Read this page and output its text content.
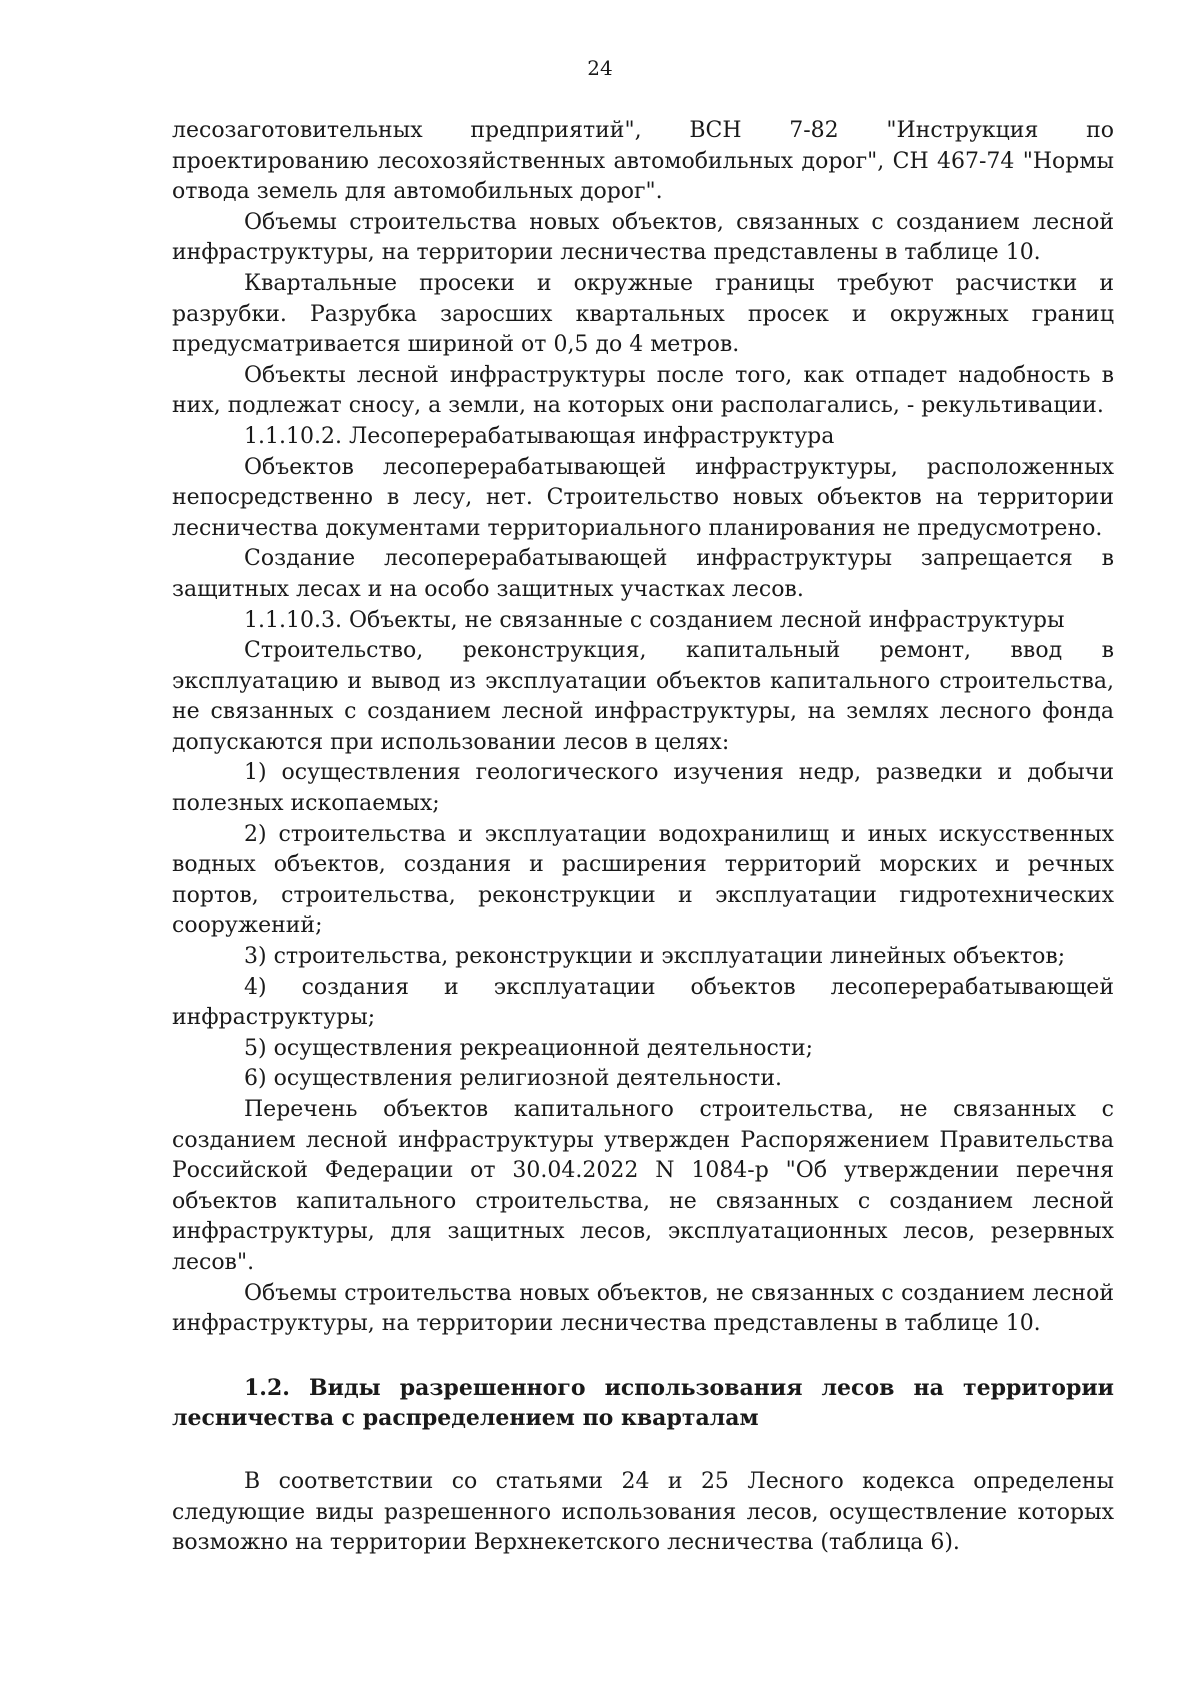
24

лесозаготовительных предприятий", ВСН 7-82 "Инструкция по проектированию лесохозяйственных автомобильных дорог", СН 467-74 "Нормы отвода земель для автомобильных дорог".

Объемы строительства новых объектов, связанных с созданием лесной инфраструктуры, на территории лесничества представлены в таблице 10.

Квартальные просеки и окружные границы требуют расчистки и разрубки. Разрубка заросших квартальных просек и окружных границ предусматривается шириной от 0,5 до 4 метров.

Объекты лесной инфраструктуры после того, как отпадет надобность в них, подлежат сносу, а земли, на которых они располагались, - рекультивации.

1.1.10.2. Лесоперерабатывающая инфраструктура

Объектов лесоперерабатывающей инфраструктуры, расположенных непосредственно в лесу, нет. Строительство новых объектов на территории лесничества документами территориального планирования не предусмотрено.

Создание лесоперерабатывающей инфраструктуры запрещается в защитных лесах и на особо защитных участках лесов.

1.1.10.3. Объекты, не связанные с созданием лесной инфраструктуры

Строительство, реконструкция, капитальный ремонт, ввод в эксплуатацию и вывод из эксплуатации объектов капитального строительства, не связанных с созданием лесной инфраструктуры, на землях лесного фонда допускаются при использовании лесов в целях:

1) осуществления геологического изучения недр, разведки и добычи полезных ископаемых;

2) строительства и эксплуатации водохранилищ и иных искусственных водных объектов, создания и расширения территорий морских и речных портов, строительства, реконструкции и эксплуатации гидротехнических сооружений;

3) строительства, реконструкции и эксплуатации линейных объектов;

4) создания и эксплуатации объектов лесоперерабатывающей инфраструктуры;

5) осуществления рекреационной деятельности;

6) осуществления религиозной деятельности.

Перечень объектов капитального строительства, не связанных с созданием лесной инфраструктуры утвержден Распоряжением Правительства Российской Федерации от 30.04.2022 N 1084-р "Об утверждении перечня объектов капитального строительства, не связанных с созданием лесной инфраструктуры, для защитных лесов, эксплуатационных лесов, резервных лесов".

Объемы строительства новых объектов, не связанных с созданием лесной инфраструктуры, на территории лесничества представлены в таблице 10.

1.2. Виды разрешенного использования лесов на территории лесничества с распределением по кварталам

В соответствии со статьями 24 и 25 Лесного кодекса определены следующие виды разрешенного использования лесов, осуществление которых возможно на территории Верхнекетского лесничества (таблица 6).
